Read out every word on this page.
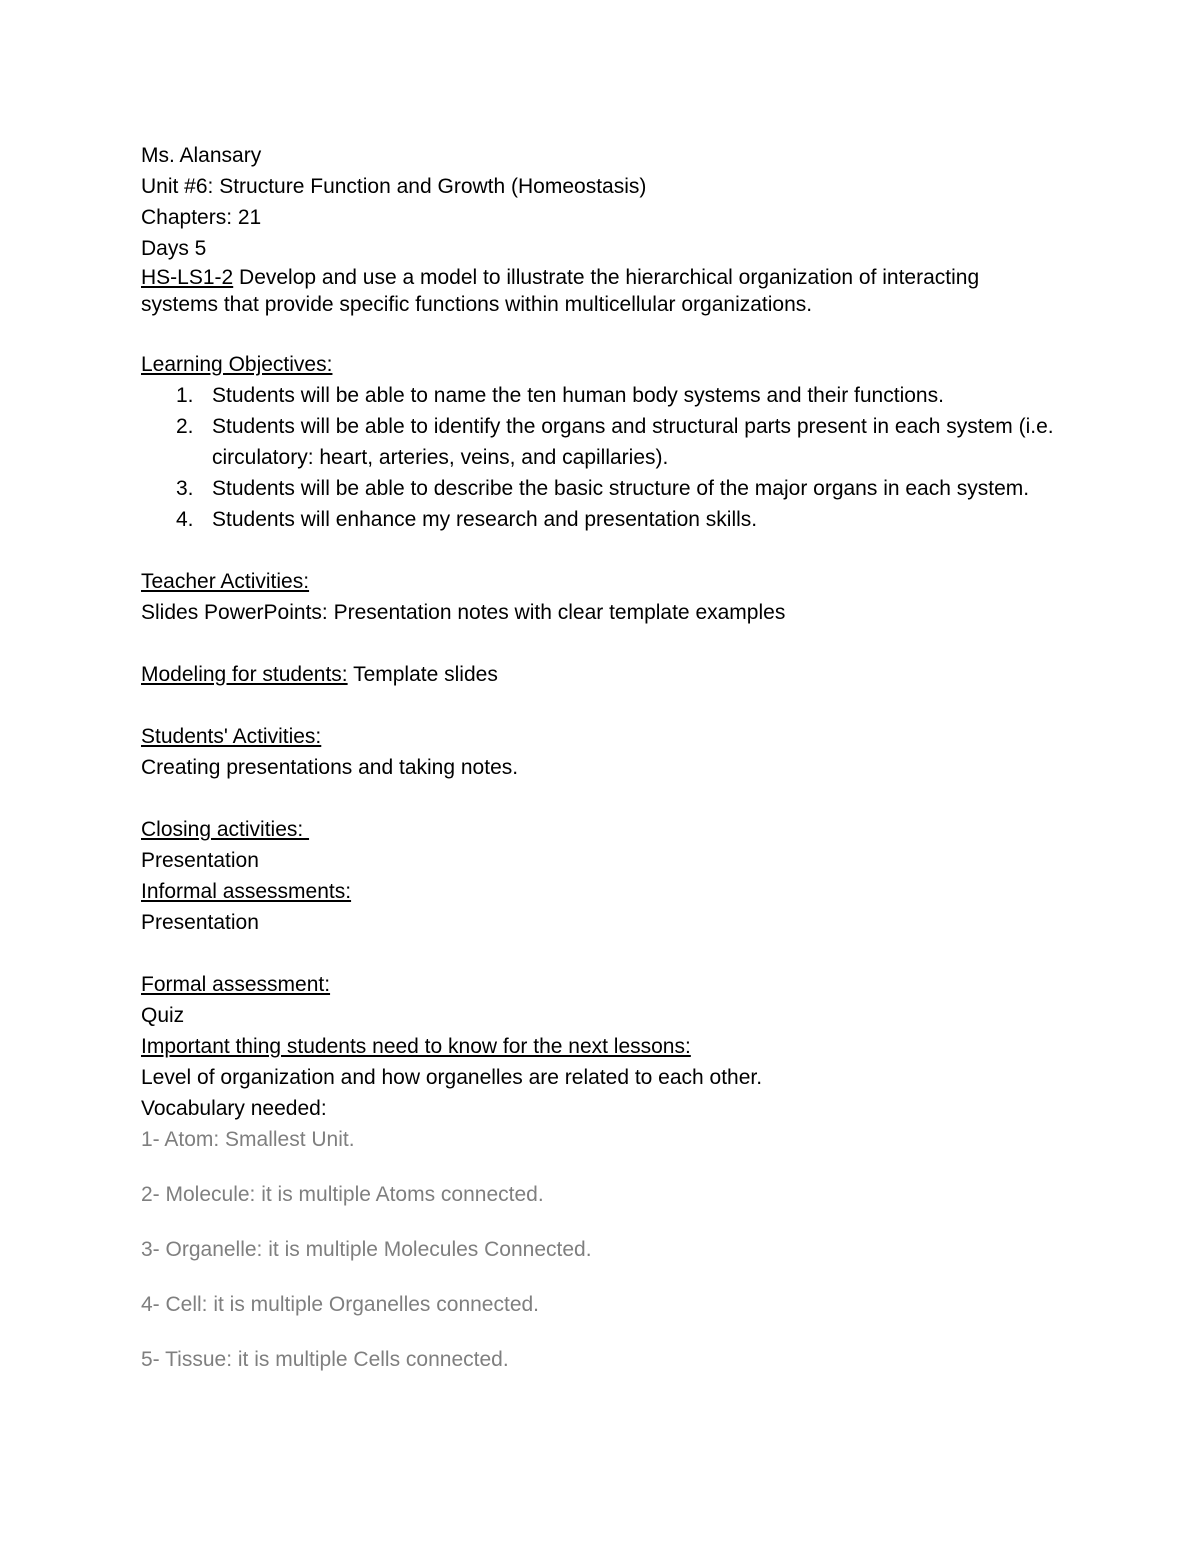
Ms. Alansary
Unit #6: Structure Function and Growth (Homeostasis)
Chapters: 21
Days 5
HS-LS1-2 Develop and use a model to illustrate the hierarchical organization of interacting systems that provide specific functions within multicellular organizations.
Learning Objectives:
1. Students will be able to name the ten human body systems and their functions.
2. Students will be able to identify the organs and structural parts present in each system (i.e. circulatory: heart, arteries, veins, and capillaries).
3. Students will be able to describe the basic structure of the major organs in each system.
4. Students will enhance my research and presentation skills.
Teacher Activities:
Slides PowerPoints: Presentation notes with clear template examples
Modeling for students: Template slides
Students' Activities:
Creating presentations and taking notes.
Closing activities:
Presentation
Informal assessments:
Presentation
Formal assessment:
Quiz
Important thing students need to know for the next lessons:
Level of organization and how organelles are related to each other.
Vocabulary needed:
1- Atom: Smallest Unit.
2- Molecule: it is multiple Atoms connected.
3- Organelle: it is multiple Molecules Connected.
4- Cell: it is multiple Organelles connected.
5- Tissue: it is multiple Cells connected.
